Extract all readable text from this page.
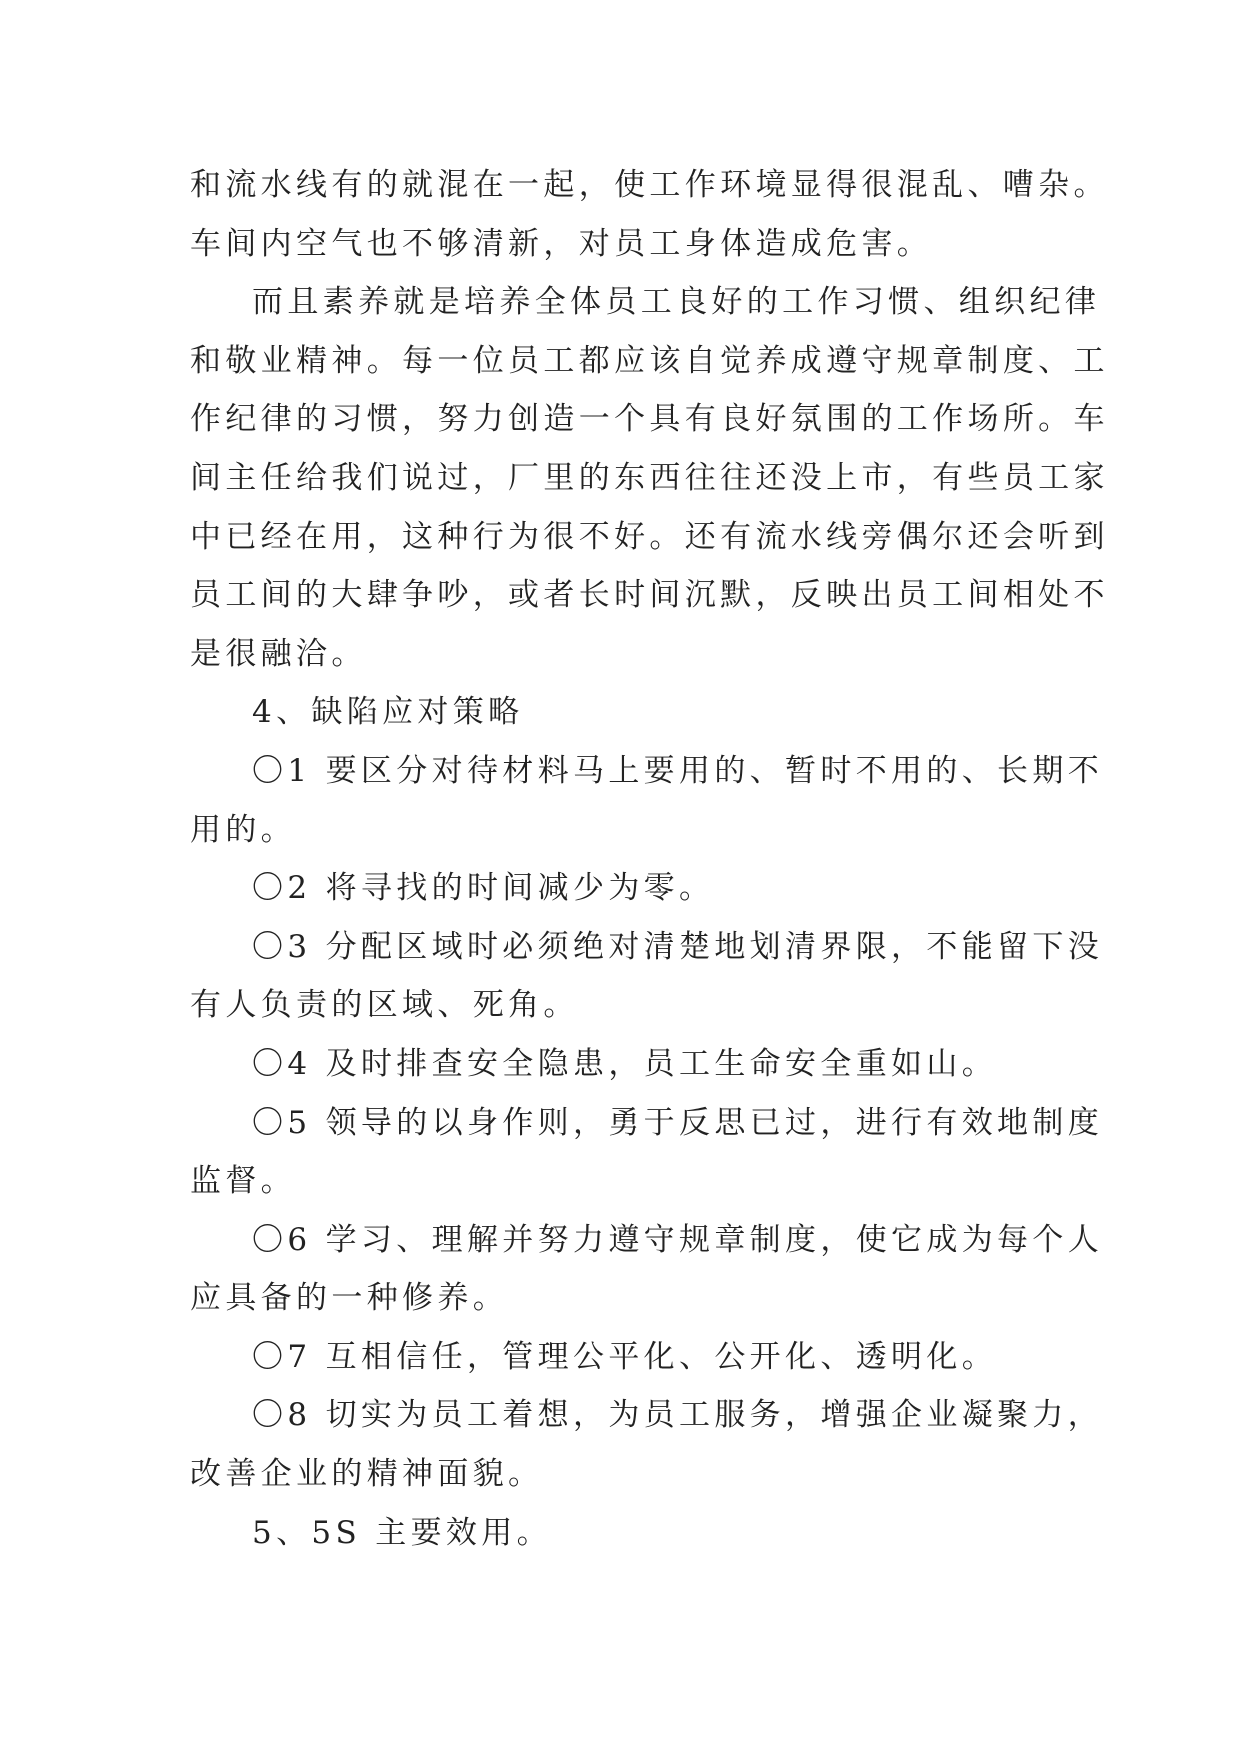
和流水线有的就混在一起，使工作环境显得很混乱、嘈杂。
车间内空气也不够清新，对员工身体造成危害。

而且素养就是培养全体员工良好的工作习惯、组织纪律
和敬业精神。每一位员工都应该自觉养成遵守规章制度、工
作纪律的习惯，努力创造一个具有良好氛围的工作场所。车
间主任给我们说过，厂里的东西往往还没上市，有些员工家
中已经在用，这种行为很不好。还有流水线旁偶尔还会听到
员工间的大肆争吵，或者长时间沉默，反映出员工间相处不
是很融洽。

4、缺陷应对策略

〇1 要区分对待材料马上要用的、暂时不用的、长期不
用的。

〇2 将寻找的时间减少为零。

〇3 分配区域时必须绝对清楚地划清界限，不能留下没
有人负责的区域、死角。

〇4 及时排查安全隐患，员工生命安全重如山。

〇5 领导的以身作则，勇于反思已过，进行有效地制度
监督。

〇6 学习、理解并努力遵守规章制度，使它成为每个人
应具备的一种修养。

〇7 互相信任，管理公平化、公开化、透明化。

〇8 切实为员工着想，为员工服务，增强企业凝聚力，
改善企业的精神面貌。

5、5S 主要效用。
